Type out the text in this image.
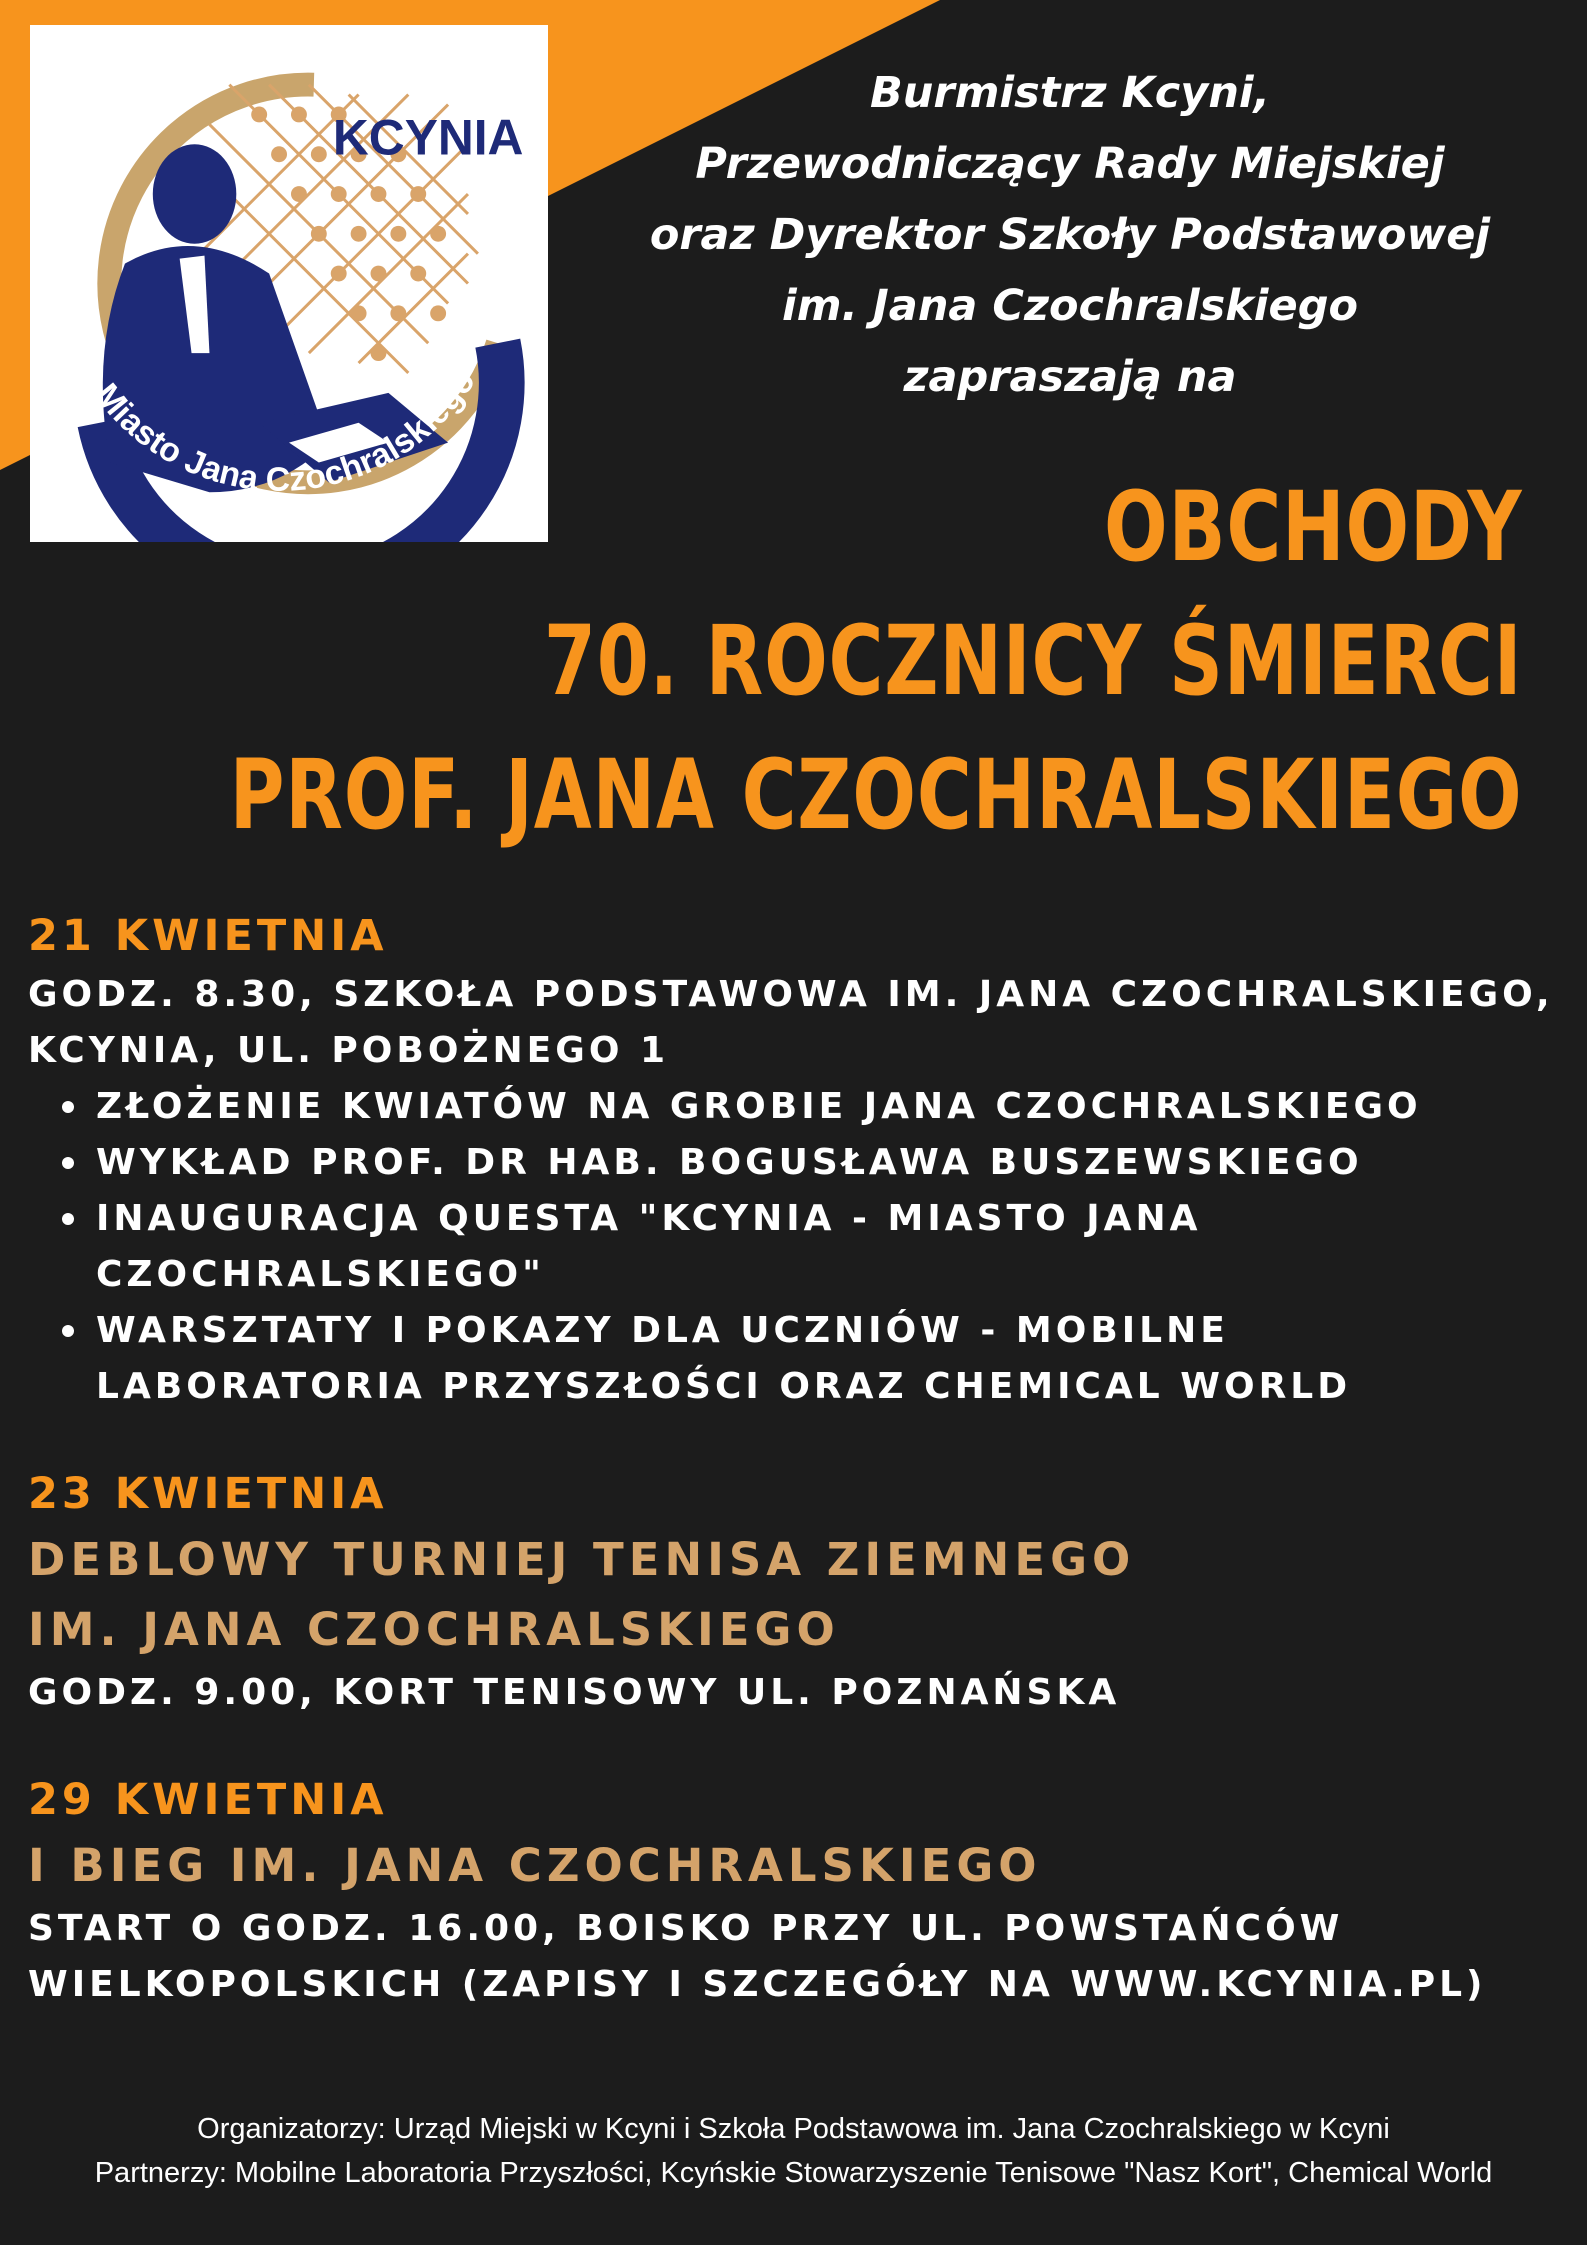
KCYNIA
Miasto Jana Czochralskiego
Burmistrz Kcyni,
Przewodniczący Rady Miejskiej
oraz Dyrektor Szkoły Podstawowej
im. Jana Czochralskiego
zapraszają na
OBCHODY
70. ROCZNICY ŚMIERCI
PROF. JANA CZOCHRALSKIEGO
21 KWIETNIA
GODZ. 8.30, SZKOŁA PODSTAWOWA IM. JANA CZOCHRALSKIEGO,
KCYNIA, UL. POBOŻNEGO 1
ZŁOŻENIE KWIATÓW NA GROBIE JANA CZOCHRALSKIEGO
WYKŁAD PROF. DR HAB. BOGUSŁAWA BUSZEWSKIEGO
INAUGURACJA QUESTA "KCYNIA - MIASTO JANA
CZOCHRALSKIEGO"
WARSZTATY I POKAZY DLA UCZNIÓW - MOBILNE
LABORATORIA PRZYSZŁOŚCI ORAZ CHEMICAL WORLD
23 KWIETNIA
DEBLOWY TURNIEJ TENISA ZIEMNEGO
IM. JANA CZOCHRALSKIEGO
GODZ. 9.00, KORT TENISOWY UL. POZNAŃSKA
29 KWIETNIA
I BIEG IM. JANA CZOCHRALSKIEGO
START O GODZ. 16.00, BOISKO PRZY UL. POWSTAŃCÓW
WIELKOPOLSKICH (ZAPISY I SZCZEGÓŁY NA WWW.KCYNIA.PL)
Organizatorzy: Urząd Miejski w Kcyni i Szkoła Podstawowa im. Jana Czochralskiego w Kcyni
Partnerzy: Mobilne Laboratoria Przyszłości, Kcyńskie Stowarzyszenie Tenisowe "Nasz Kort", Chemical World
